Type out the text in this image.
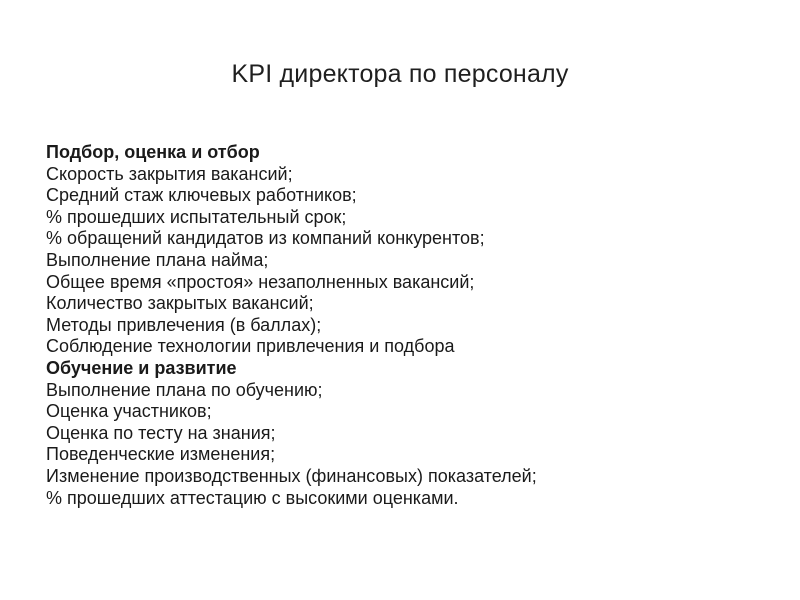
KPI директора по персоналу
Подбор, оценка и отбор
Скорость закрытия вакансий;
Средний стаж ключевых работников;
% прошедших испытательный срок;
% обращений кандидатов из компаний конкурентов;
Выполнение плана найма;
Общее время «простоя» незаполненных вакансий;
Количество закрытых вакансий;
Методы привлечения (в баллах);
Соблюдение технологии привлечения и подбора
Обучение и развитие
Выполнение плана по обучению;
Оценка участников;
Оценка по тесту на знания;
Поведенческие изменения;
Изменение производственных (финансовых) показателей;
% прошедших аттестацию с высокими оценками.
